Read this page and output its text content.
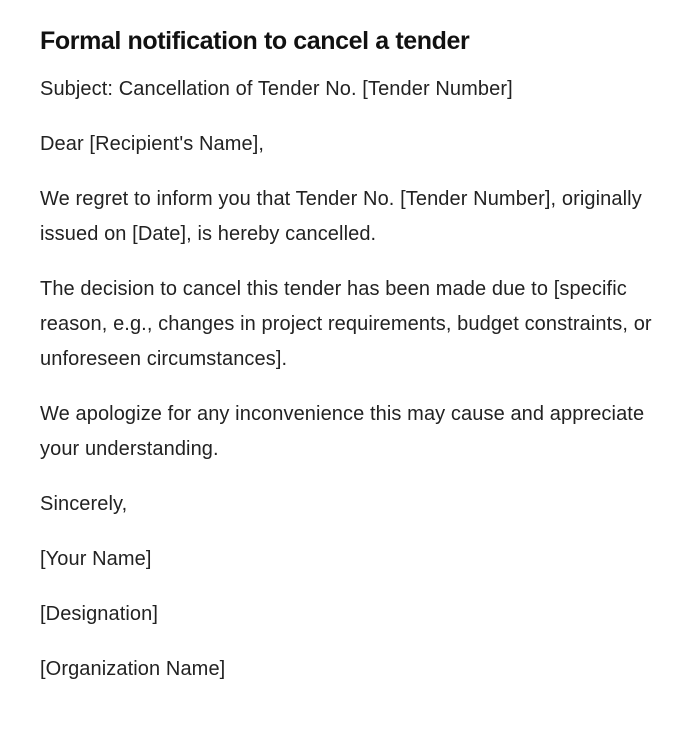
Formal notification to cancel a tender

Subject: Cancellation of Tender No. [Tender Number]

Dear [Recipient's Name],

We regret to inform you that Tender No. [Tender Number], originally issued on [Date], is hereby cancelled.

The decision to cancel this tender has been made due to [specific reason, e.g., changes in project requirements, budget constraints, or unforeseen circumstances].

We apologize for any inconvenience this may cause and appreciate your understanding.

Sincerely,

[Your Name]

[Designation]

[Organization Name]
